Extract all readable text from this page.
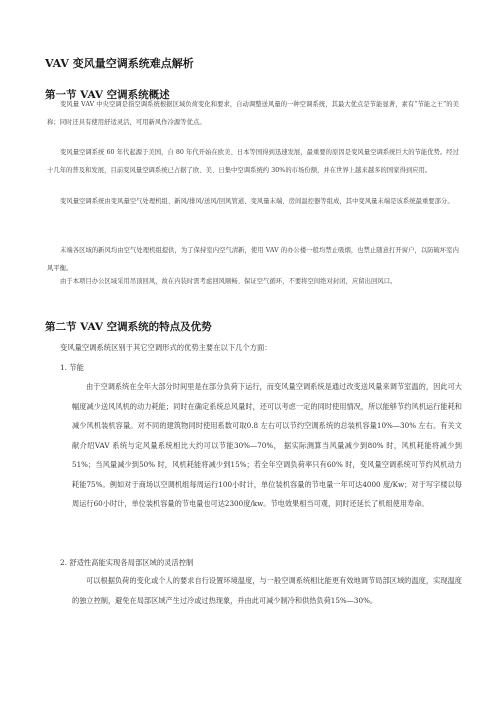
VAV 变风量空调系统难点解析
第一节 VAV 空调系统概述

变风量 VAV 中央空调是指空调系统根据区域负荷变化和要求，自动调整送风量的一种空调系统，其最大优点是节能显著，素有“节能之王”的美称；同时还具有使用舒适灵活，可用新风作冷源等优点。

变风量空调系统 60 年代起源于美国，自 80 年代开始在欧美、日本等国得到迅速发展，最重要的原因是变风量空调系统巨大的节能优势。经过十几年的普及和发展，目前变风量空调系统已占据了欧、美、日集中空调系统约 30%的市场份额，并在世界上越来越多的国家得到应用。

变风量空调系统由变风量空气处理机组、新风/排风/送风/回风管道、变风量末端、房间温控器等组成，其中变风量末端是该系统最重要部分。

末端各区域的新风均由空气处理机组提供，为了保持室内空气清新，使用 VAV 的办公楼一般均禁止吸烟，也禁止随意打开窗户，以防破坏室内风平衡。

由于本项目办公区域采用吊顶回风，故在内装时需考虑回风顺畅、保证空气循环，不要将空间绝对封闭，应留出回风口。

第二节 VAV 空调系统的特点及优势

变风量空调系统区别于其它空调形式的优势主要在以下几个方面：

1. 节能

由于空调系统在全年大部分时间里是在部分负荷下运行，而变风量空调系统是通过改变送风量来调节室温的，因此可大幅度减少送风风机的动力耗能；同时在确定系统总风量时，还可以考虑一定的同时使用情况，所以能够节约风机运行能耗和减少风机装机容量。对不同的建筑物同时使用系数可取0.8 左右可以节约空调系统的总装机容量10%—30% 左右。有关文献介绍VAV 系统与定风量系统相比大约可以节能30%—70%， 据实际测算当风量减少到80% 时，风机耗能将减少到51%；当风量减少到50% 时，风机耗能将减少到15%；若全年空调负荷率只有60% 时，变风量空调系统可节约风机动力耗能75%。例如对于商场以空调机组每周运行100小时计，单位装机容量的节电量一年可达4000 度/Kw；对于写字楼以每周运行60小时计，单位装机容量的节电量也可达2300度/kw。节电效果相当可观，同时还延长了机组使用寿命。

2. 舒适性高能实现各局部区域的灵活控制

可以根据负荷的变化或个人的要求自行设置环境温度，与一般空调系统相比能更有效地调节局部区域的温度，实现温度的独立控制，避免在局部区域产生过冷或过热现象，并由此可减少制冷和供热负荷15%—30%。
